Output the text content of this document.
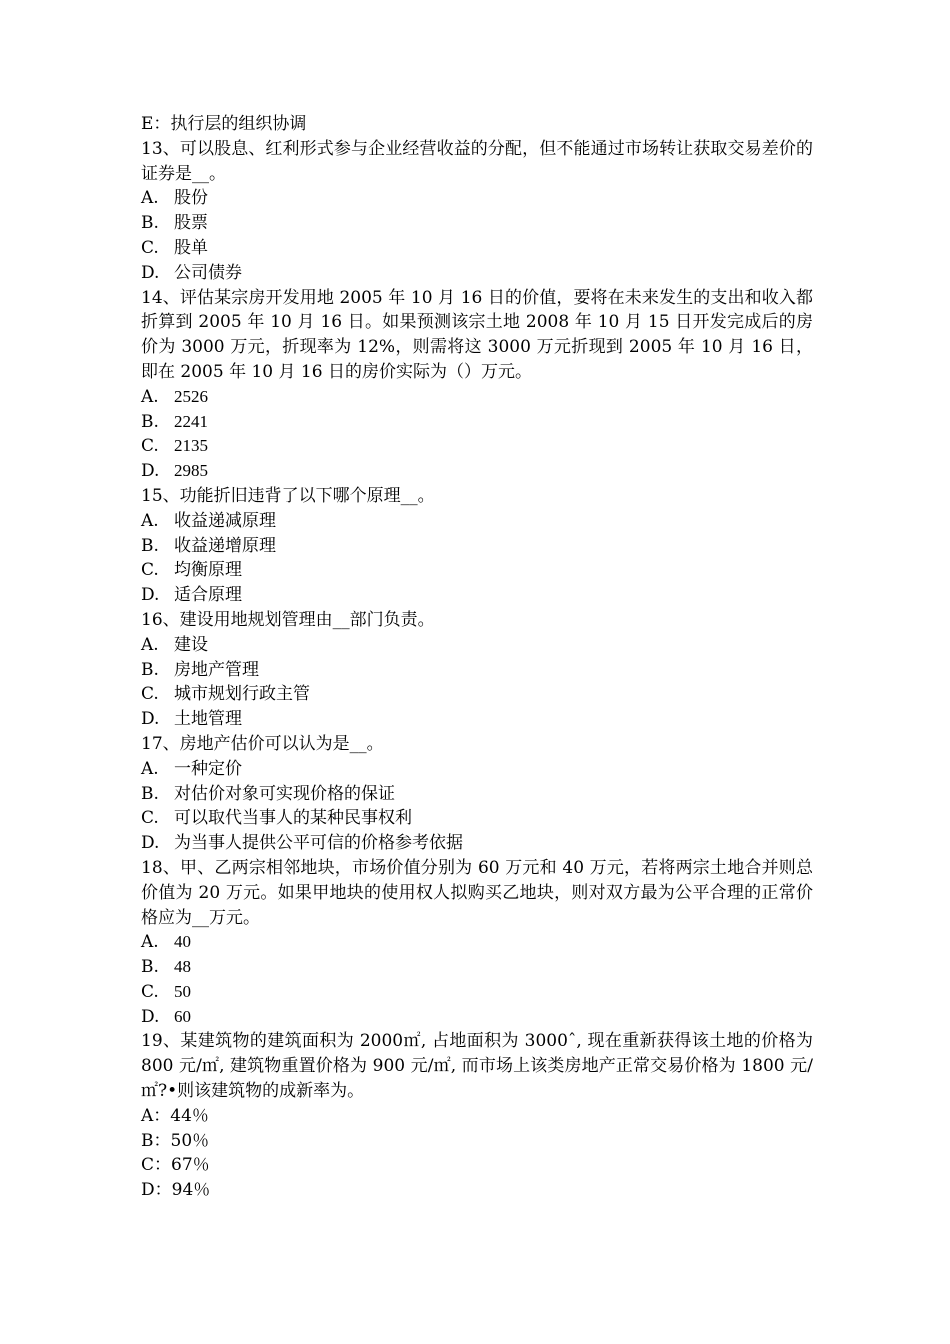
E：执行层的组织协调
13、可以股息、红利形式参与企业经营收益的分配，但不能通过市场转让获取交易差价的证券是__。
A. 股份
B. 股票
C. 股单
D. 公司债券
14、评估某宗房开发用地 2005 年 10 月 16 日的价值，要将在未来发生的支出和收入都折算到 2005 年 10 月 16 日。如果预测该宗土地 2008 年 10 月 15 日开发完成后的房价为 3000 万元，折现率为 12%，则需将这 3000 万元折现到 2005 年 10 月 16 日，即在 2005 年 10 月 16 日的房价实际为（）万元。
A. 2526
B. 2241
C. 2135
D. 2985
15、功能折旧违背了以下哪个原理__。
A. 收益递减原理
B. 收益递增原理
C. 均衡原理
D. 适合原理
16、建设用地规划管理由__部门负责。
A. 建设
B. 房地产管理
C. 城市规划行政主管
D. 土地管理
17、房地产估价可以认为是__。
A. 一种定价
B. 对估价对象可实现价格的保证
C. 可以取代当事人的某种民事权利
D. 为当事人提供公平可信的价格参考依据
18、甲、乙两宗相邻地块，市场价值分别为 60 万元和 40 万元，若将两宗土地合并则总价值为 20 万元。如果甲地块的使用权人拟购买乙地块，则对双方最为公平合理的正常价格应为__万元。
A. 40
B. 48
C. 50
D. 60
19、某建筑物的建筑面积为 2000㎡, 占地面积为 3000ˆ, 现在重新获得该土地的价格为 800 元/㎡, 建筑物重置价格为 900 元/㎡, 而市场上该类房地产正常交易价格为 1800 元/㎡?•则该建筑物的成新率为。
A：44％
B：50％
C：67％
D：94％
